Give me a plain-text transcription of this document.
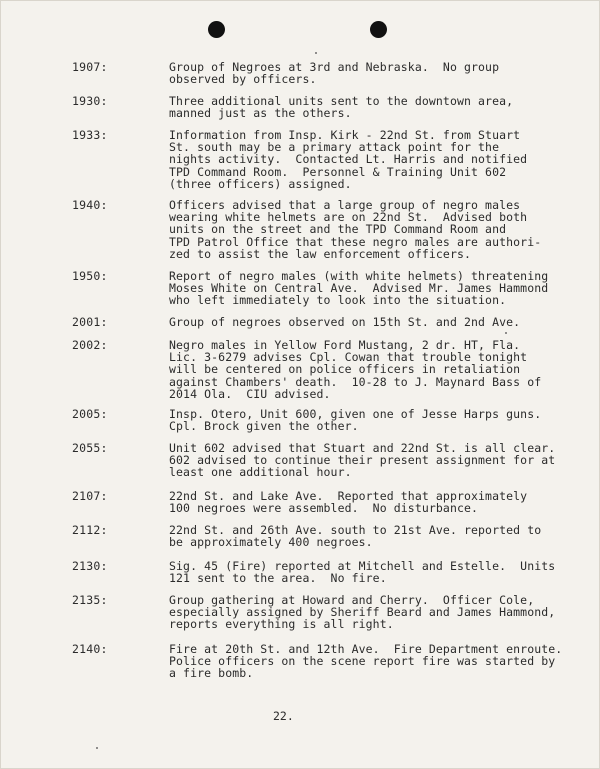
1907:	Group of Negroes at 3rd and Nebraska.  No group
observed by officers.
1930:	Three additional units sent to the downtown area,
manned just as the others.
1933:	Information from Insp. Kirk - 22nd St. from Stuart
St. south may be a primary attack point for the
nights activity.  Contacted Lt. Harris and notified
TPD Command Room.  Personnel & Training Unit 602
(three officers) assigned.
1940:	Officers advised that a large group of negro males
wearing white helmets are on 22nd St.  Advised both
units on the street and the TPD Command Room and
TPD Patrol Office that these negro males are authori-
zed to assist the law enforcement officers.
1950:	Report of negro males (with white helmets) threatening
Moses White on Central Ave.  Advised Mr. James Hammond
who left immediately to look into the situation.
2001:	Group of negroes observed on 15th St. and 2nd Ave.
2002:	Negro males in Yellow Ford Mustang, 2 dr. HT, Fla.
Lic. 3-6279 advises Cpl. Cowan that trouble tonight
will be centered on police officers in retaliation
against Chambers' death.  10-28 to J. Maynard Bass of
2014 Ola.  CIU advised.
2005:	Insp. Otero, Unit 600, given one of Jesse Harps guns.
Cpl. Brock given the other.
2055:	Unit 602 advised that Stuart and 22nd St. is all clear.
602 advised to continue their present assignment for at
least one additional hour.
2107:	22nd St. and Lake Ave.  Reported that approximately
100 negroes were assembled.  No disturbance.
2112:	22nd St. and 26th Ave. south to 21st Ave. reported to
be approximately 400 negroes.
2130:	Sig. 45 (Fire) reported at Mitchell and Estelle.  Units
121 sent to the area.  No fire.
2135:	Group gathering at Howard and Cherry.  Officer Cole,
especially assigned by Sheriff Beard and James Hammond,
reports everything is all right.
2140:	Fire at 20th St. and 12th Ave.  Fire Department enroute.
Police officers on the scene report fire was started by
a fire bomb.
22.
